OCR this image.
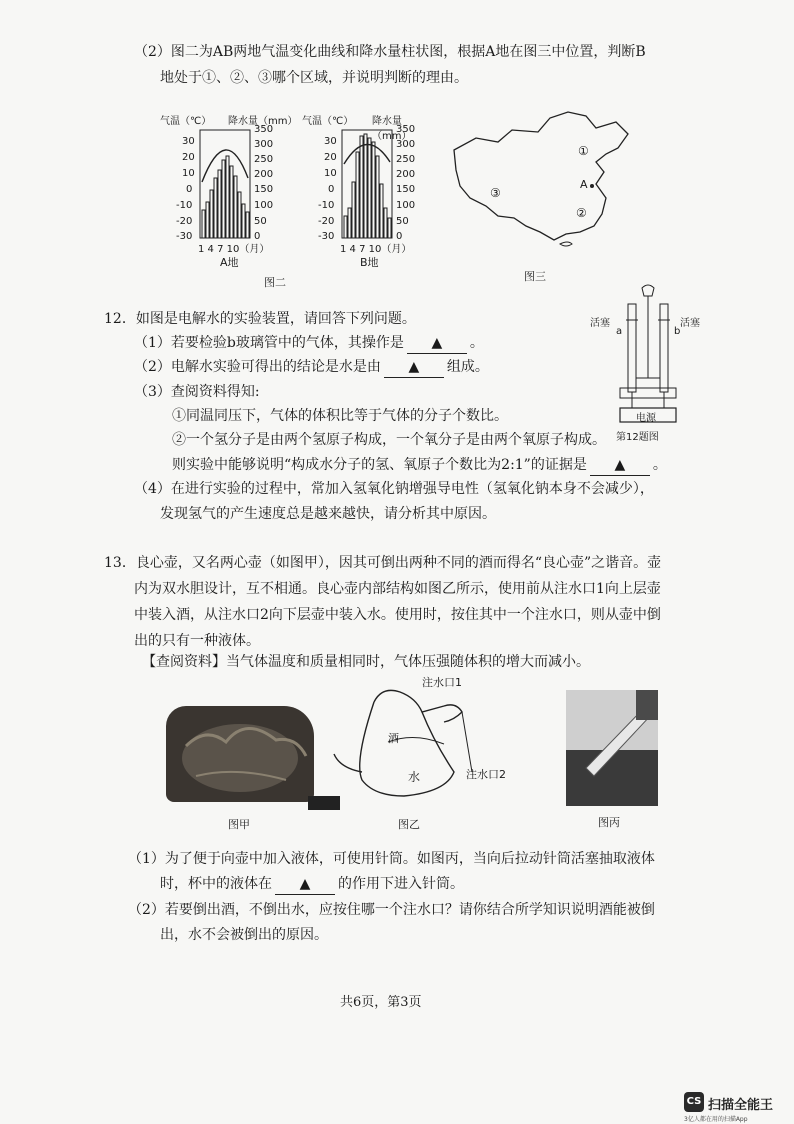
（2）图二为AB两地气温变化曲线和降水量柱状图，根据A地在图三中位置，判断B
地处于①、②、③哪个区域，并说明判断的理由。
气温（℃） 降水量（mm） 气温（℃） 降水量（mm）
30
20
10
0
-10
-20
-30
350
300
250
200
150
100
50
0
1 4 7 10（月）
A地
30
20
10
0
-10
-20
-30
350
300
250
200
150
100
50
0
1 4 7 10（月）
B地
图二
①
A
②
③
图三
12．如图是电解水的实验装置，请回答下列问题。
（1）若要检验b玻璃管中的气体，其操作是 ▲ 。
（2）电解水实验可得出的结论是水是由 ▲ 组成。
（3）查阅资料得知:
①同温同压下，气体的体积比等于气体的分子个数比。
②一个氢分子是由两个氢原子构成，一个氧分子是由两个氧原子构成。
则实验中能够说明“构成水分子的氢、氧原子个数比为2:1”的证据是 ▲ 。
（4）在进行实验的过程中，常加入氢氧化钠增强导电性（氢氧化钠本身不会减少），
发现氢气的产生速度总是越来越快，请分析其中原因。
活塞	活塞
a	b
电源
第12题图
13．良心壶，又名两心壶（如图甲），因其可倒出两种不同的酒而得名“良心壶”之谐音。壶
内为双水胆设计，互不相通。良心壶内部结构如图乙所示，使用前从注水口1向上层壶
中装入酒，从注水口2向下层壶中装入水。使用时，按住其中一个注水口，则从壶中倒
出的只有一种液体。
【查阅资料】当气体温度和质量相同时，气体压强随体积的增大而减小。
图甲
注水口1
注水口2
酒
水
图乙	图丙
（1）为了便于向壶中加入液体，可使用针筒。如图丙，当向后拉动针筒活塞抽取液体
时，杯中的液体在 ▲ 的作用下进入针筒。
（2）若要倒出酒，不倒出水，应按住哪一个注水口？请你结合所学知识说明酒能被倒
出，水不会被倒出的原因。
共6页，第3页
CS 扫描全能王
3亿人都在用的扫描App
